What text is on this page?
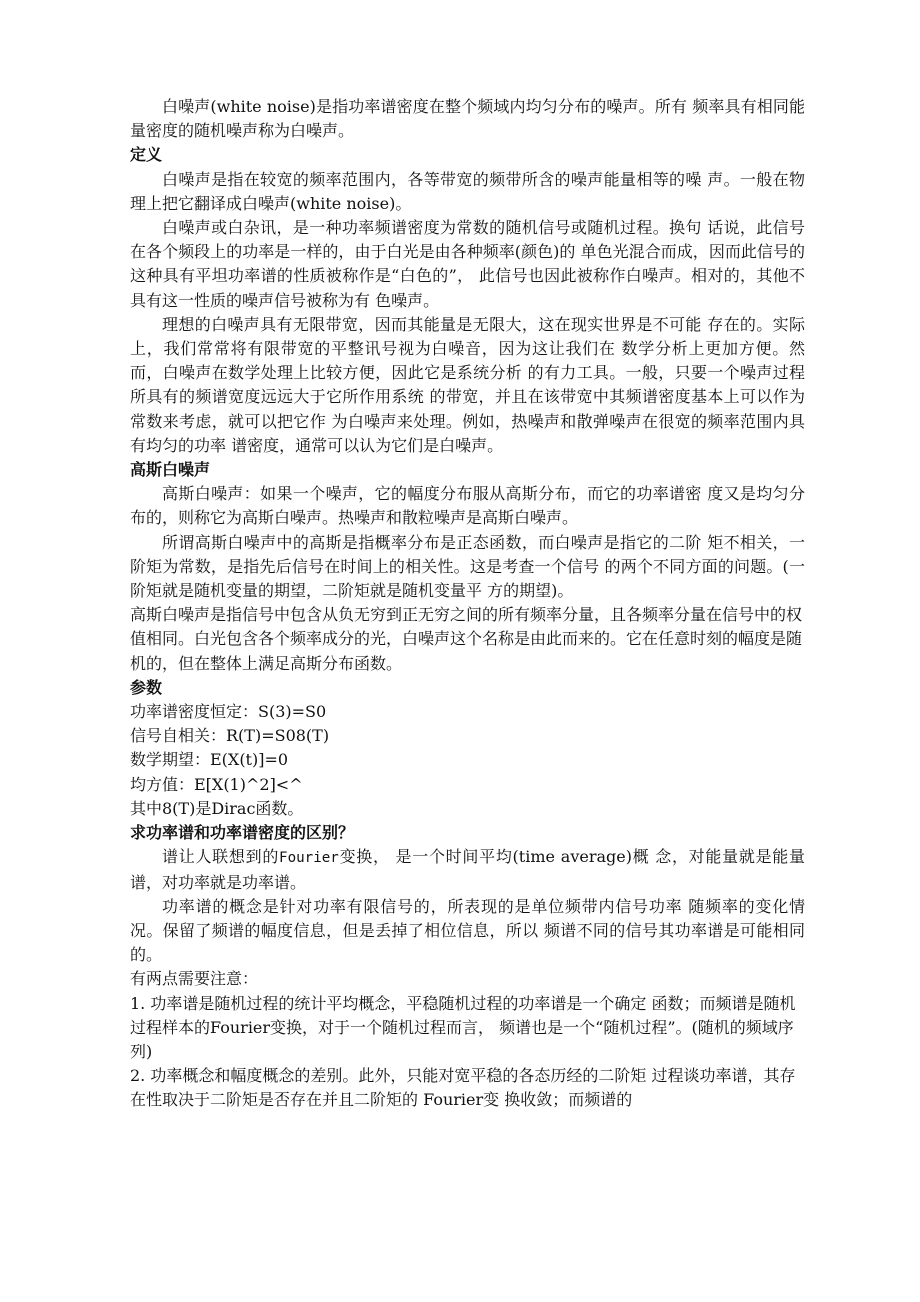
白噪声(white noise)是指功率谱密度在整个频域内均匀分布的噪声。所有 频率具有相同能量密度的随机噪声称为白噪声。

定义

白噪声是指在较宽的频率范围内，各等带宽的频带所含的噪声能量相等的噪 声。一般在物理上把它翻译成白噪声(white noise)。

白噪声或白杂讯，是一种功率频谱密度为常数的随机信号或随机过程。换句 话说，此信号在各个频段上的功率是一样的，由于白光是由各种频率(颜色)的 单色光混合而成，因而此信号的这种具有平坦功率谱的性质被称作是“白色的”， 此信号也因此被称作白噪声。相对的，其他不具有这一性质的噪声信号被称为有 色噪声。

理想的白噪声具有无限带宽，因而其能量是无限大，这在现实世界是不可能 存在的。实际上，我们常常将有限带宽的平整讯号视为白噪音，因为这让我们在 数学分析上更加方便。然而，白噪声在数学处理上比较方便，因此它是系统分析 的有力工具。一般，只要一个噪声过程所具有的频谱宽度远远大于它所作用系统 的带宽，并且在该带宽中其频谱密度基本上可以作为常数来考虑，就可以把它作 为白噪声来处理。例如，热噪声和散弹噪声在很宽的频率范围内具有均匀的功率 谱密度，通常可以认为它们是白噪声。

高斯白噪声

高斯白噪声：如果一个噪声，它的幅度分布服从高斯分布，而它的功率谱密 度又是均匀分布的，则称它为高斯白噪声。热噪声和散粒噪声是高斯白噪声。

所谓高斯白噪声中的高斯是指概率分布是正态函数，而白噪声是指它的二阶 矩不相关，一阶矩为常数，是指先后信号在时间上的相关性。这是考查一个信号 的两个不同方面的问题。(一阶矩就是随机变量的期望，二阶矩就是随机变量平 方的期望)。

高斯白噪声是指信号中包含从负无穷到正无穷之间的所有频率分量，且各频率分量在信号中的权值相同。白光包含各个频率成分的光，白噪声这个名称是由此而来的。它在任意时刻的幅度是随机的，但在整体上满足高斯分布函数。

参数

功率谱密度恒定：S(3)=S0

信号自相关：R(T)=S08(T)

数学期望：E(X(t)]=0

均方值：E[X(1)^2]<^

其中8(T)是Dirac函数。

求功率谱和功率谱密度的区别？

谱让人联想到的Fourier变换， 是一个时间平均(time average)概 念，对能量就是能量谱，对功率就是功率谱。

功率谱的概念是针对功率有限信号的，所表现的是单位频带内信号功率 随频率的变化情况。保留了频谱的幅度信息，但是丢掉了相位信息，所以 频谱不同的信号其功率谱是可能相同的。

有两点需要注意：

1. 功率谱是随机过程的统计平均概念，平稳随机过程的功率谱是一个确定 函数；而频谱是随机过程样本的Fourier变换，对于一个随机过程而言， 频谱也是一个“随机过程”。(随机的频域序列)

2. 功率概念和幅度概念的差别。此外，只能对宽平稳的各态历经的二阶矩 过程谈功率谱，其存在性取决于二阶矩是否存在并且二阶矩的 Fourier变 换收敛；而频谱的
